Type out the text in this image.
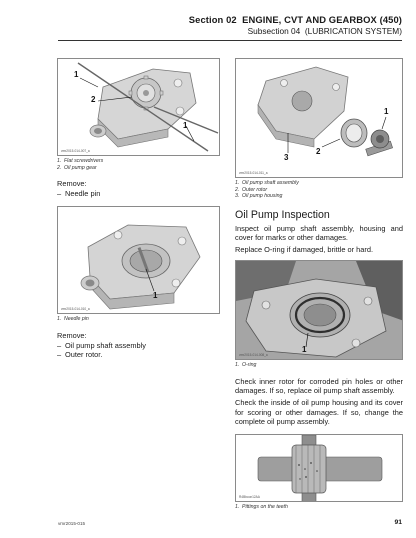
Section 02 ENGINE, CVT AND GEARBOX (450)
Subsection 04 (LUBRICATION SYSTEM)
1
2
1
vmr2015-014-007_a
1. Flat screwdrivers
2. Oil pump gear
Remove:
– Needle pin
1
vmr2015-014-010_a
1. Needle pin
Remove:
– Oil pump shaft assembly
– Outer rotor.
1
3
2
vmr2015-014-011_a
1. Oil pump shaft assembly
2. Outer rotor
3. Oil pump housing
Oil Pump Inspection
Inspect oil pump shaft assembly, housing and cover for marks or other damages.
Replace O-ring if damaged, brittle or hard.
1
vmr2015-014-008_a
1. O-ring
Check inner rotor for corroded pin holes or other damages. If so, replace oil pump shaft assembly.
Check the inside of oil pump housing and its cover for scoring or other damages. If so, change the complete oil pump assembly.
R4Bbcon12AA
1. Pittings on the teeth
vmr2015-015	91
